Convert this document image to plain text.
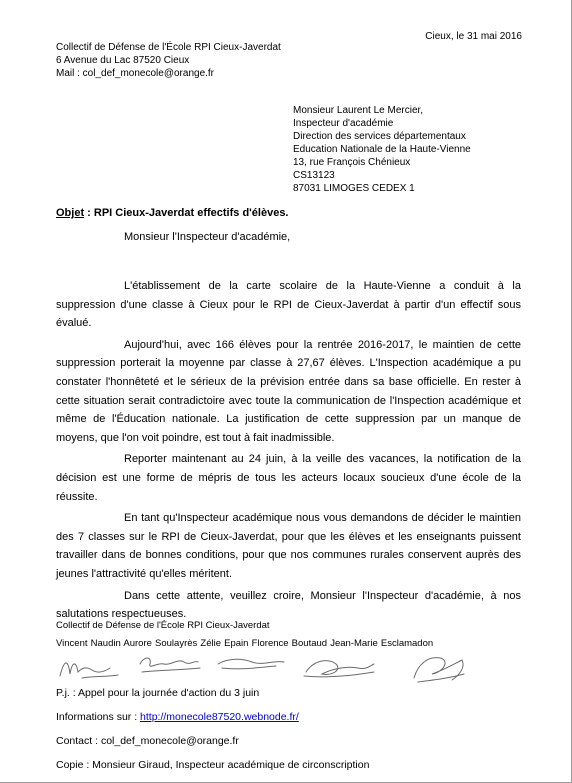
Cieux, le 31 mai 2016
Collectif de Défense de l'École RPI Cieux-Javerdat
6 Avenue du Lac 87520 Cieux
Mail : col_def_monecole@orange.fr
Monsieur Laurent Le Mercier,
Inspecteur d'académie
Direction des services départementaux
Education Nationale de la Haute-Vienne
13, rue François Chénieux
CS13123
87031 LIMOGES CEDEX 1
Objet : RPI Cieux-Javerdat effectifs d'élèves.
Monsieur l'Inspecteur d'académie,

L'établissement de la carte scolaire de la Haute-Vienne a conduit à la suppression d'une classe à Cieux pour le RPI de Cieux-Javerdat à partir d'un effectif sous évalué.

Aujourd'hui, avec 166 élèves pour la rentrée 2016-2017, le maintien de cette suppression porterait la moyenne par classe à 27,67 élèves. L'Inspection académique a pu constater l'honnêteté et le sérieux de la prévision entrée dans sa base officielle. En rester à cette situation serait contradictoire avec toute la communication de l'Inspection académique et même de l'Éducation nationale. La justification de cette suppression par un manque de moyens, que l'on voit poindre, est tout à fait inadmissible.

Reporter maintenant au 24 juin, à la veille des vacances, la notification de la décision est une forme de mépris de tous les acteurs locaux soucieux d'une école de la réussite.

En tant qu'Inspecteur académique nous vous demandons de décider le maintien des 7 classes sur le RPI de Cieux-Javerdat, pour que les élèves et les enseignants puissent travailler dans de bonnes conditions, pour que nos communes rurales conservent auprès des jeunes l'attractivité qu'elles méritent.

Dans cette attente, veuillez croire, Monsieur l'Inspecteur d'académie, à nos salutations respectueuses.

Collectif de Défense de l'École RPI Cieux-Javerdat
Vincent Naudin Aurore Soulayrès Zélie Epain Florence Boutaud Jean-Marie Esclamadon
P.j. : Appel pour la journée d'action du 3 juin
Informations sur : http://monecole87520.webnode.fr/
Contact : col_def_monecole@orange.fr
Copie : Monsieur Giraud, Inspecteur académique de circonscription
